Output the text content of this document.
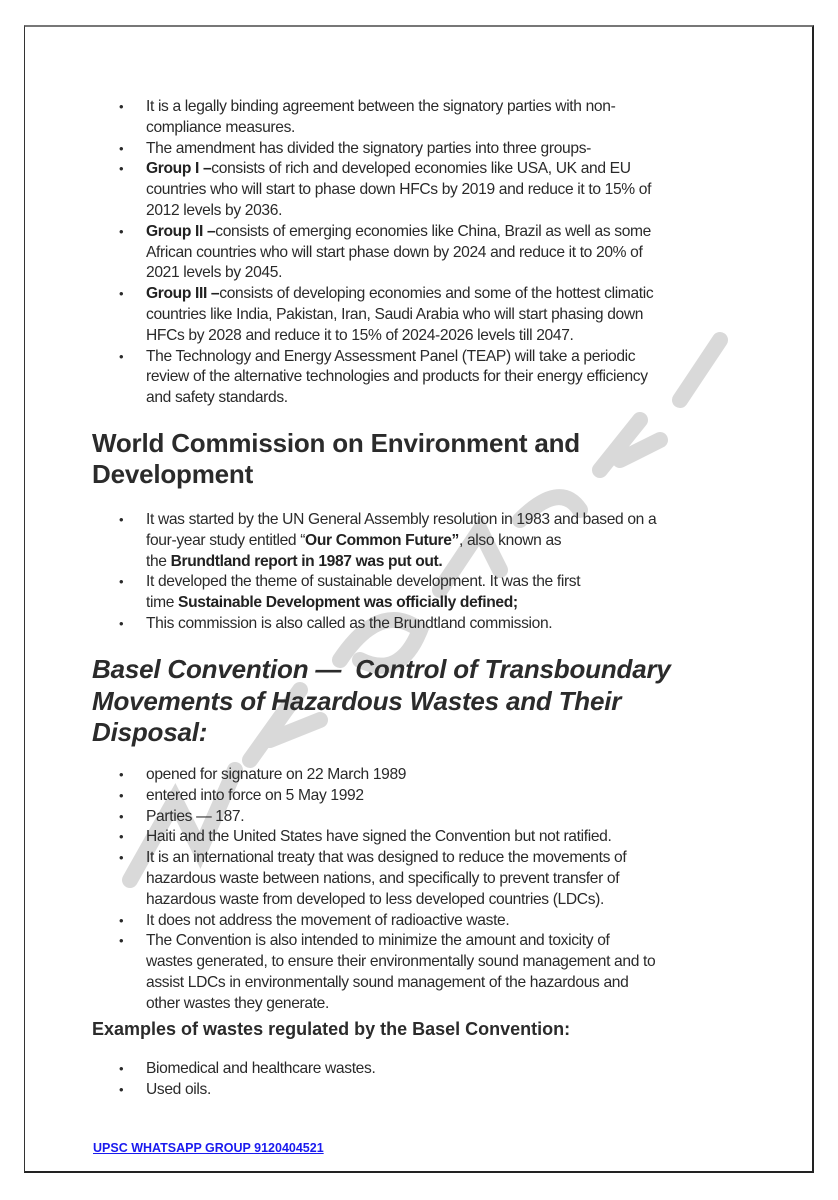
• It is a legally binding agreement between the signatory parties with non-
compliance measures.
• The amendment has divided the signatory parties into three groups-
• Group I –consists of rich and developed economies like USA, UK and EU
countries who will start to phase down HFCs by 2019 and reduce it to 15% of
2012 levels by 2036.
• Group II –consists of emerging economies like China, Brazil as well as some
African countries who will start phase down by 2024 and reduce it to 20% of
2021 levels by 2045.
• Group III –consists of developing economies and some of the hottest climatic
countries like India, Pakistan, Iran, Saudi Arabia who will start phasing down
HFCs by 2028 and reduce it to 15% of 2024-2026 levels till 2047.
• The Technology and Energy Assessment Panel (TEAP) will take a periodic
review of the alternative technologies and products for their energy efficiency
and safety standards.
World Commission on Environment and
Development
• It was started by the UN General Assembly resolution in 1983 and based on a
four-year study entitled “Our Common Future”, also known as
the Brundtland report in 1987 was put out.
• It developed the theme of sustainable development. It was the first
time Sustainable Development was officially defined;
• This commission is also called as the Brundtland commission.
Basel Convention —  Control of Transboundary
Movements of Hazardous Wastes and Their
Disposal:
• opened for signature on 22 March 1989
• entered into force on 5 May 1992
• Parties — 187.
• Haiti and the United States have signed the Convention but not ratified.
• It is an international treaty that was designed to reduce the movements of
hazardous waste between nations, and specifically to prevent transfer of
hazardous waste from developed to less developed countries (LDCs).
• It does not address the movement of radioactive waste.
• The Convention is also intended to minimize the amount and toxicity of
wastes generated, to ensure their environmentally sound management and to
assist LDCs in environmentally sound management of the hazardous and
other wastes they generate.
Examples of wastes regulated by the Basel Convention:
• Biomedical and healthcare wastes.
• Used oils.
UPSC WHATSAPP GROUP 9120404521
